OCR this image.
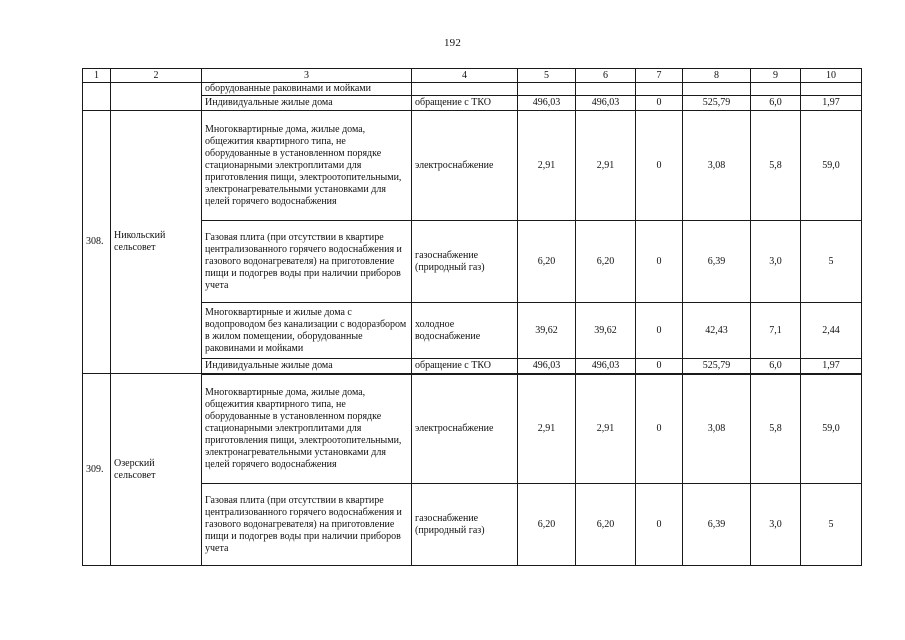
192
1	2	3	4	5	6	7	8	9	10
		оборудованные раковинами и мойками							
		Индивидуальные жилые дома	обращение с ТКО	496,03	496,03	0	525,79	6,0	1,97
308.	Никольский сельсовет	Многоквартирные дома, жилые дома, общежития квартирного типа, не оборудованные в установленном порядке стационарными электроплитами для приготовления пищи, электроотопительными, электронагревательными установками для целей горячего водоснабжения	электроснабжение	2,91	2,91	0	3,08	5,8	59,0
		Газовая плита (при отсутствии в квартире централизованного горячего водоснабжения и газового водонагревателя) на приготовление пищи и подогрев воды при наличии приборов учета	газоснабжение (природный газ)	6,20	6,20	0	6,39	3,0	5
		Многоквартирные и жилые дома с водопроводом без канализации с водоразбором в жилом помещении, оборудованные раковинами и мойками	холодное водоснабжение	39,62	39,62	0	42,43	7,1	2,44
		Индивидуальные жилые дома	обращение с ТКО	496,03	496,03	0	525,79	6,0	1,97
309.	Озерский сельсовет	Многоквартирные дома, жилые дома, общежития квартирного типа, не оборудованные в установленном порядке стационарными электроплитами для приготовления пищи, электроотопительными, электронагревательными установками для целей горячего водоснабжения	электроснабжение	2,91	2,91	0	3,08	5,8	59,0
		Газовая плита (при отсутствии в квартире централизованного горячего водоснабжения и газового водонагревателя) на приготовление пищи и подогрев воды при наличии приборов учета	газоснабжение (природный газ)	6,20	6,20	0	6,39	3,0	5
